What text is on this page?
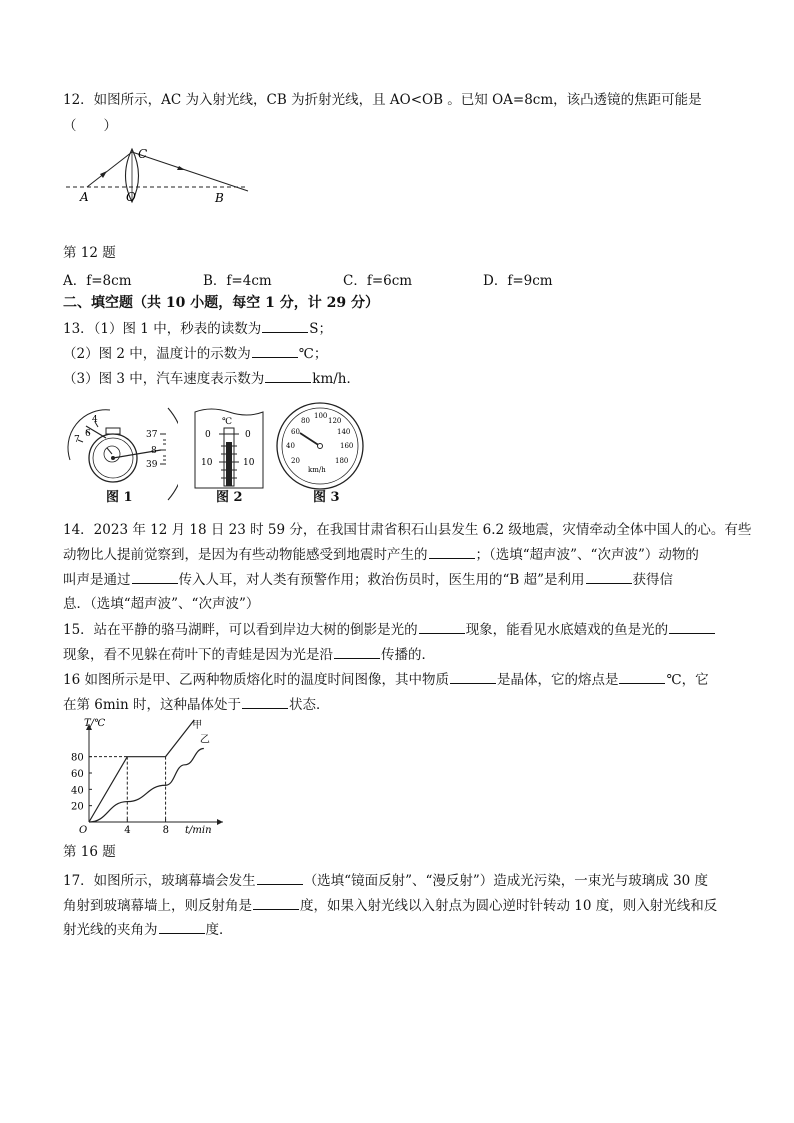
12．如图所示，AC 为入射光线，CB 为折射光线，且 AO<OB 。已知 OA=8cm，该凸透镜的焦距可能是
（　　）
A	O
C
B
第 12 题
A．f=8cm	B．f=4cm	C．f=6cm	D．f=9cm
二、填空题（共 10 小题，每空 1 分，计 29 分）
13．（1）图 1 中，秒表的读数为	S；
（2）图 2 中，温度计的示数为	℃；
（3）图 3 中，汽车速度表示数为	km/h．
4
6
7	37
8
39
图 1
℃
0
10
0
10
图 2
20
40
60
80
100
120
140
160
180
km/h
图 3
14．2023 年 12 月 18 日 23 时 59 分，在我国甘肃省积石山县发生 6.2 级地震，灾情牵动全体中国人的心。有些
动物比人提前觉察到，是因为有些动物能感受到地震时产生的	；（选填“超声波”、“次声波”）动物的
叫声是通过	传入人耳，对人类有预警作用；救治伤员时，医生用的“B 超”是利用	获得信
息．（选填“超声波”、“次声波”）
15．站在平静的骆马湖畔，可以看到岸边大树的倒影是光的	现象，能看见水底嬉戏的鱼是光的
现象，看不见躲在荷叶下的青蛙是因为光是沿	传播的．
16 如图所示是甲、乙两种物质熔化时的温度时间图像，其中物质	是晶体，它的熔点是	℃，它
在第 6min 时，这种晶体处于	状态．
T/℃
t/min
O
20
40
60
80
4	8
甲
乙
第 16 题
17．如图所示，玻璃幕墙会发生	（选填“镜面反射”、“漫反射”）造成光污染，一束光与玻璃成 30 度
角射到玻璃幕墙上，则反射角是	度，如果入射光线以入射点为圆心逆时针转动 10 度，则入射光线和反
射光线的夹角为	度．
